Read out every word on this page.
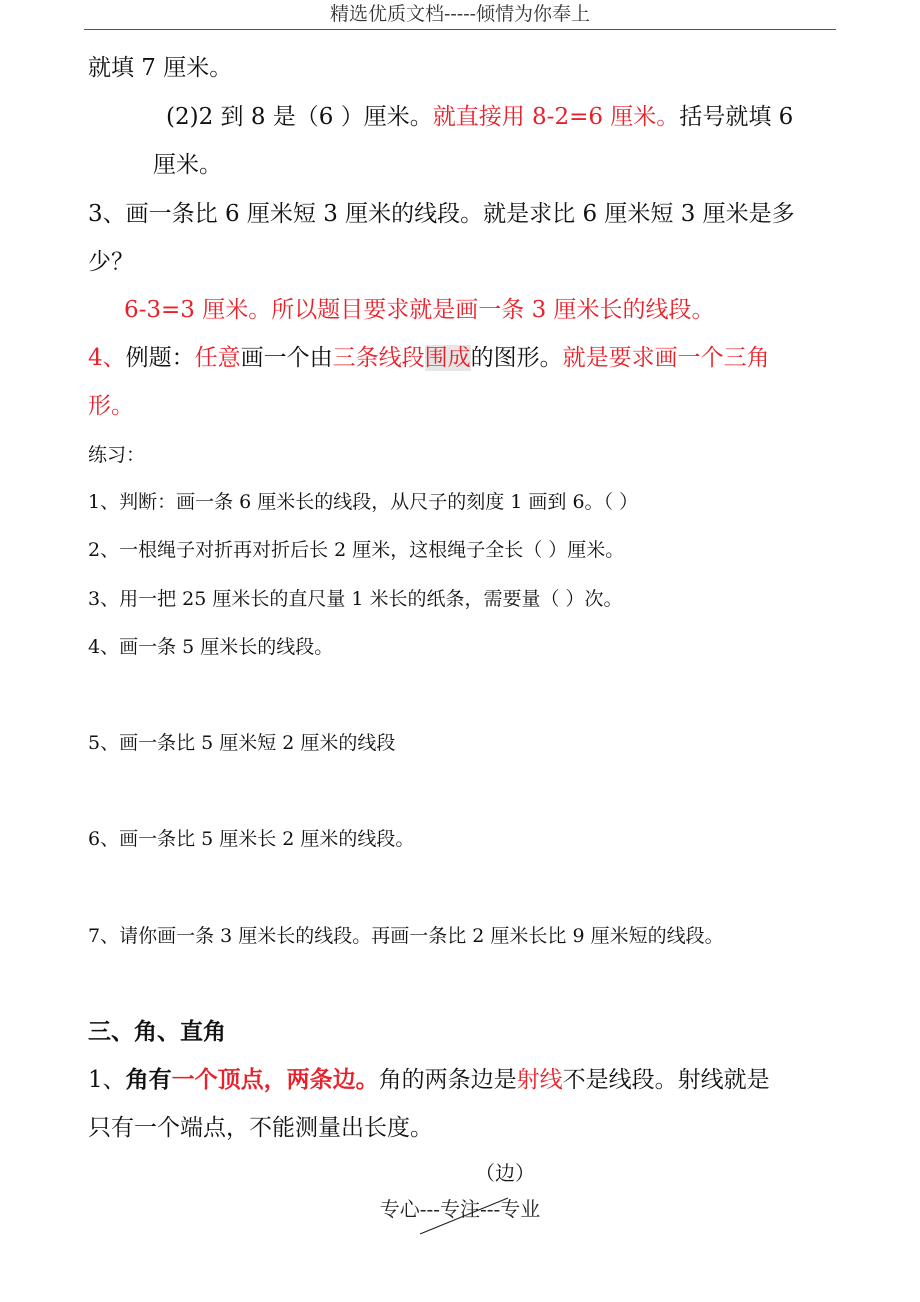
精选优质文档-----倾情为你奉上
就填 7 厘米。
(2)2 到 8 是（6 ）厘米。就直接用 8-2=6 厘米。括号就填 6
厘米。
3、画一条比 6 厘米短 3 厘米的线段。就是求比 6 厘米短 3 厘米是多
少？
6-3=3 厘米。所以题目要求就是画一条 3 厘米长的线段。
4、例题：任意画一个由三条线段围成的图形。就是要求画一个三角
形。
练习：
1、判断：画一条 6 厘米长的线段，从尺子的刻度 1 画到 6。（ ）
2、一根绳子对折再对折后长 2 厘米，这根绳子全长（ ）厘米。
3、用一把 25 厘米长的直尺量 1 米长的纸条，需要量（ ）次。
4、画一条 5 厘米长的线段。
5、画一条比 5 厘米短 2 厘米的线段
6、画一条比 5 厘米长 2 厘米的线段。
7、请你画一条 3 厘米长的线段。再画一条比 2 厘米长比 9 厘米短的线段。
三、角、直角
1、角有一个顶点，两条边。角的两条边是射线不是线段。射线就是
只有一个端点，不能测量出长度。
（边）
专心---专注---专业
